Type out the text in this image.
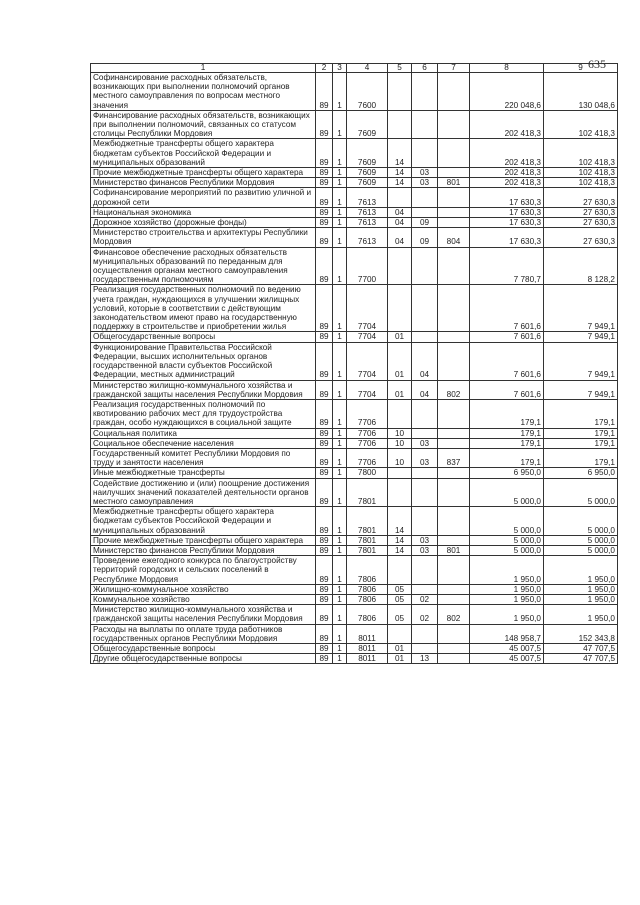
635
1	2	3	4	5	6	7	8	9
Софинансирование расходных обязательств, возникающих при выполнении полномочий органов местного самоуправления по вопросам местного значения	89	1	7600				220 048,6	130 048,6
Финансирование расходных обязательств, возникающих при выполнении полномочий, связанных со статусом столицы Республики Мордовия	89	1	7609				202 418,3	102 418,3
Межбюджетные трансферты общего характера бюджетам субъектов Российской Федерации и муниципальных образований	89	1	7609	14			202 418,3	102 418,3
Прочие межбюджетные трансферты общего характера	89	1	7609	14	03		202 418,3	102 418,3
Министерство финансов Республики Мордовия	89	1	7609	14	03	801	202 418,3	102 418,3
Софинансирование мероприятий по развитию уличной и дорожной сети	89	1	7613				17 630,3	27 630,3
Национальная экономика	89	1	7613	04			17 630,3	27 630,3
Дорожное хозяйство (дорожные фонды)	89	1	7613	04	09		17 630,3	27 630,3
Министерство строительства и архитектуры Республики Мордовия	89	1	7613	04	09	804	17 630,3	27 630,3
Финансовое обеспечение расходных обязательств муниципальных образований по переданным для осуществления органам местного самоуправления государственным полномочиям	89	1	7700				7 780,7	8 128,2
Реализация государственных полномочий по ведению учета граждан, нуждающихся в улучшении жилищных условий, которые в соответствии с действующим законодательством имеют право на государственную поддержку в строительстве и приобретении жилья	89	1	7704				7 601,6	7 949,1
Общегосударственные вопросы	89	1	7704	01			7 601,6	7 949,1
Функционирование Правительства Российской Федерации, высших исполнительных органов государственной власти субъектов Российской Федерации, местных администраций	89	1	7704	01	04		7 601,6	7 949,1
Министерство жилищно-коммунального хозяйства и гражданской защиты населения Республики Мордовия	89	1	7704	01	04	802	7 601,6	7 949,1
Реализация государственных полномочий по квотированию рабочих мест для трудоустройства граждан, особо нуждающихся в социальной защите	89	1	7706				179,1	179,1
Социальная политика	89	1	7706	10			179,1	179,1
Социальное обеспечение населения	89	1	7706	10	03		179,1	179,1
Государственный комитет Республики Мордовия по труду и занятости населения	89	1	7706	10	03	837	179,1	179,1
Иные межбюджетные трансферты	89	1	7800				6 950,0	6 950,0
Содействие достижению и (или) поощрение достижения наилучших значений показателей деятельности органов местного самоуправления	89	1	7801				5 000,0	5 000,0
Межбюджетные трансферты общего характера бюджетам субъектов Российской Федерации и муниципальных образований	89	1	7801	14			5 000,0	5 000,0
Прочие межбюджетные трансферты общего характера	89	1	7801	14	03		5 000,0	5 000,0
Министерство финансов Республики Мордовия	89	1	7801	14	03	801	5 000,0	5 000,0
Проведение ежегодного конкурса по благоустройству территорий городских и сельских поселений в Республике Мордовия	89	1	7806				1 950,0	1 950,0
Жилищно-коммунальное хозяйство	89	1	7806	05			1 950,0	1 950,0
Коммунальное хозяйство	89	1	7806	05	02		1 950,0	1 950,0
Министерство жилищно-коммунального хозяйства и гражданской защиты населения Республики Мордовия	89	1	7806	05	02	802	1 950,0	1 950,0
Расходы на выплаты по оплате труда работников государственных органов Республики Мордовия	89	1	8011				148 958,7	152 343,8
Общегосударственные вопросы	89	1	8011	01			45 007,5	47 707,5
Другие общегосударственные вопросы	89	1	8011	01	13		45 007,5	47 707,5
